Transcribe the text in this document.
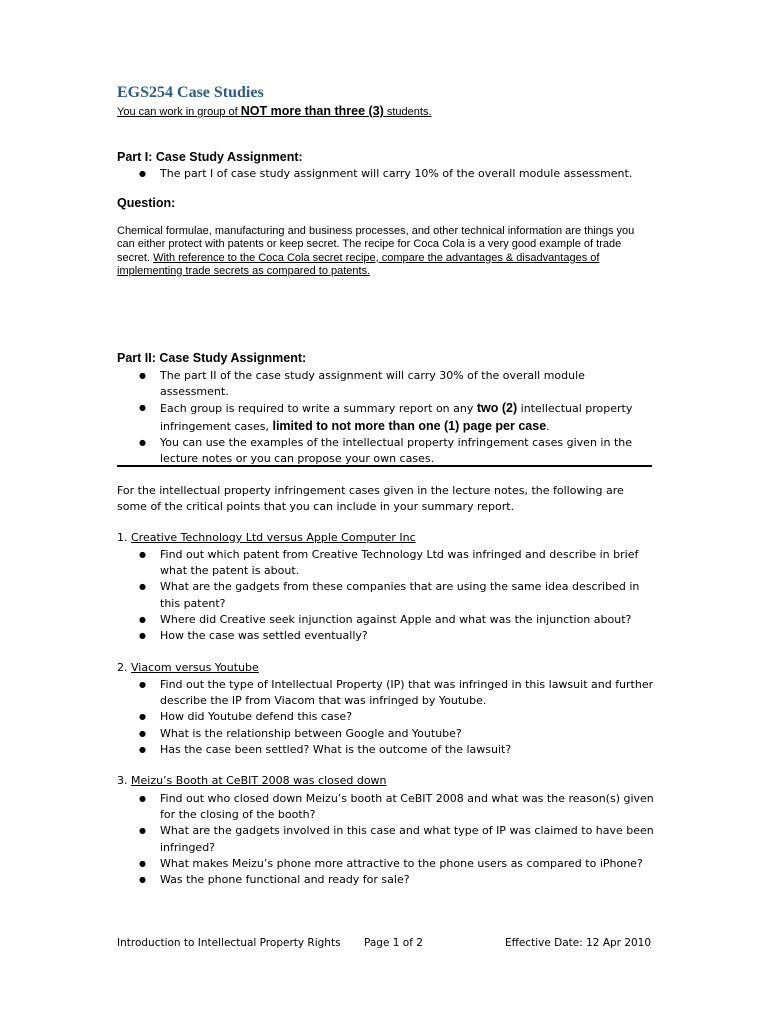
EGS254 Case Studies
You can work in group of NOT more than three (3) students.
Part I: Case Study Assignment:
● The part I of case study assignment will carry 10% of the overall module assessment.
Question:
Chemical formulae, manufacturing and business processes, and other technical information are things you can either protect with patents or keep secret. The recipe for Coca Cola is a very good example of trade secret. With reference to the Coca Cola secret recipe, compare the advantages & disadvantages of implementing trade secrets as compared to patents.
Part II: Case Study Assignment:
● The part II of the case study assignment will carry 30% of the overall module assessment.
● Each group is required to write a summary report on any two (2) intellectual property infringement cases, limited to not more than one (1) page per case.
● You can use the examples of the intellectual property infringement cases given in the lecture notes or you can propose your own cases.
For the intellectual property infringement cases given in the lecture notes, the following are some of the critical points that you can include in your summary report.
1. Creative Technology Ltd versus Apple Computer Inc
● Find out which patent from Creative Technology Ltd was infringed and describe in brief what the patent is about.
● What are the gadgets from these companies that are using the same idea described in this patent?
● Where did Creative seek injunction against Apple and what was the injunction about?
● How the case was settled eventually?
2. Viacom versus Youtube
● Find out the type of Intellectual Property (IP) that was infringed in this lawsuit and further describe the IP from Viacom that was infringed by Youtube.
● How did Youtube defend this case?
● What is the relationship between Google and Youtube?
● Has the case been settled? What is the outcome of the lawsuit?
3. Meizu’s Booth at CeBIT 2008 was closed down
● Find out who closed down Meizu’s booth at CeBIT 2008 and what was the reason(s) given for the closing of the booth?
● What are the gadgets involved in this case and what type of IP was claimed to have been infringed?
● What makes Meizu’s phone more attractive to the phone users as compared to iPhone?
● Was the phone functional and ready for sale?
Introduction to Intellectual Property Rights Page 1 of 2	Effective Date: 12 Apr 2010
